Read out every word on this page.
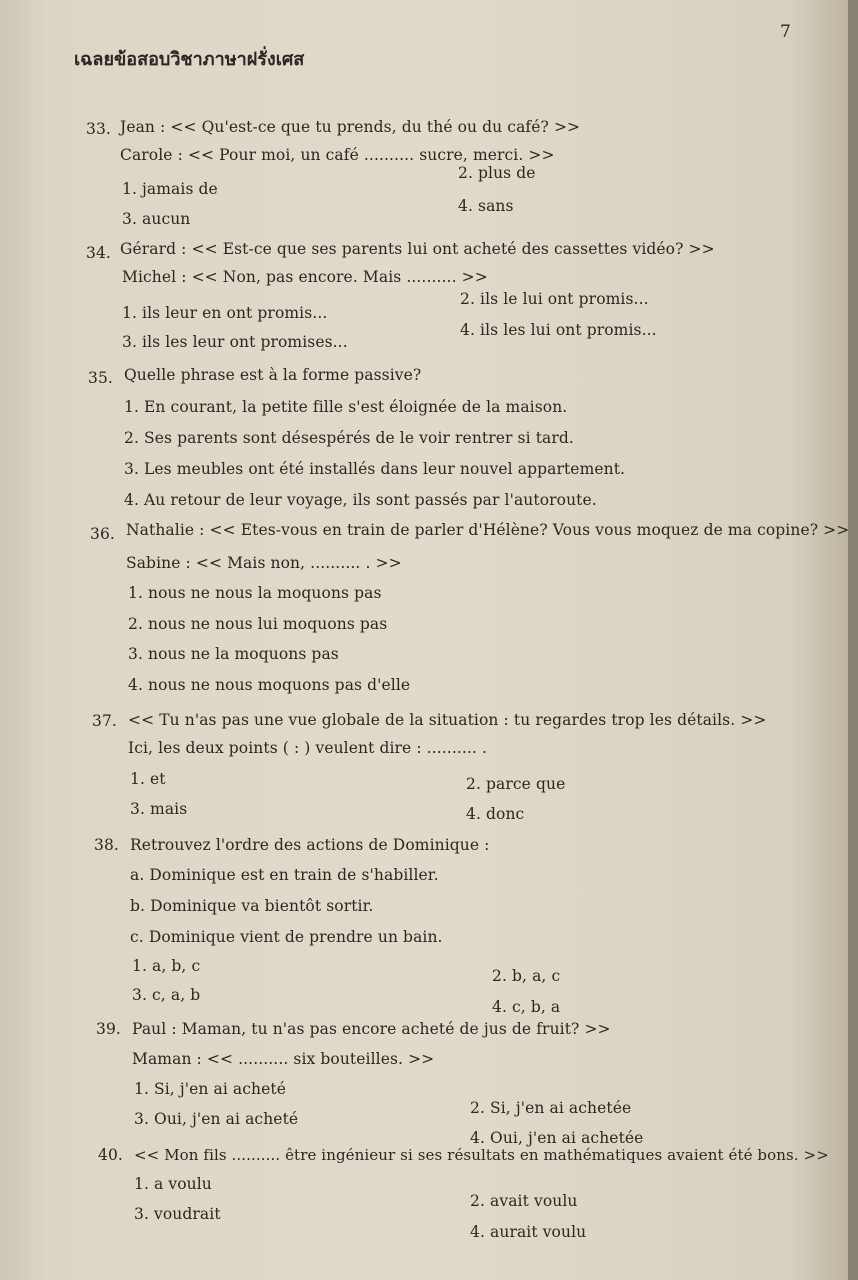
7
เฉลยข้อสอบวิชาภาษาฝรั่งเศส
33. Jean : << Qu'est-ce que tu prends, du thé ou du café? >>
Carole : << Pour moi, un café .......... sucre, merci. >>
1. jamais de
2. plus de
3. aucun
4. sans
34. Gérard : << Est-ce que ses parents lui ont acheté des cassettes vidéo? >>
Michel : << Non, pas encore. Mais .......... >>
1. ils leur en ont promis...
2. ils le lui ont promis...
3. ils les leur ont promises...
4. ils les lui ont promis...
35. Quelle phrase est à la forme passive?
1. En courant, la petite fille s'est éloignée de la maison.
2. Ses parents sont désespérés de le voir rentrer si tard.
3. Les meubles ont été installés dans leur nouvel appartement.
4. Au retour de leur voyage, ils sont passés par l'autoroute.
36. Nathalie : << Etes-vous en train de parler d'Hélène? Vous vous moquez de ma copine? >>
Sabine : << Mais non, .......... . >>
1. nous ne nous la moquons pas
2. nous ne nous lui moquons pas
3. nous ne la moquons pas
4. nous ne nous moquons pas d'elle
37. << Tu n'as pas une vue globale de la situation : tu regardes trop les détails. >>
Ici, les deux points ( : ) veulent dire : .......... .
1. et	2. parce que
3. mais	4. donc
38. Retrouvez l'ordre des actions de Dominique :
a. Dominique est en train de s'habiller.
b. Dominique va bientôt sortir.
c. Dominique vient de prendre un bain.
1. a, b, c
2. b, a, c
3. c, a, b
4. c, b, a
39. Paul : Maman, tu n'as pas encore acheté de jus de fruit? >>
Maman : << .......... six bouteilles. >>
1. Si, j'en ai acheté
2. Si, j'en ai achetée
3. Oui, j'en ai acheté
4. Oui, j'en ai achetée
40. << Mon fils .......... être ingénieur si ses résultats en mathématiques avaient été bons. >>
1. a voulu
2. avait voulu
3. voudrait
4. aurait voulu
